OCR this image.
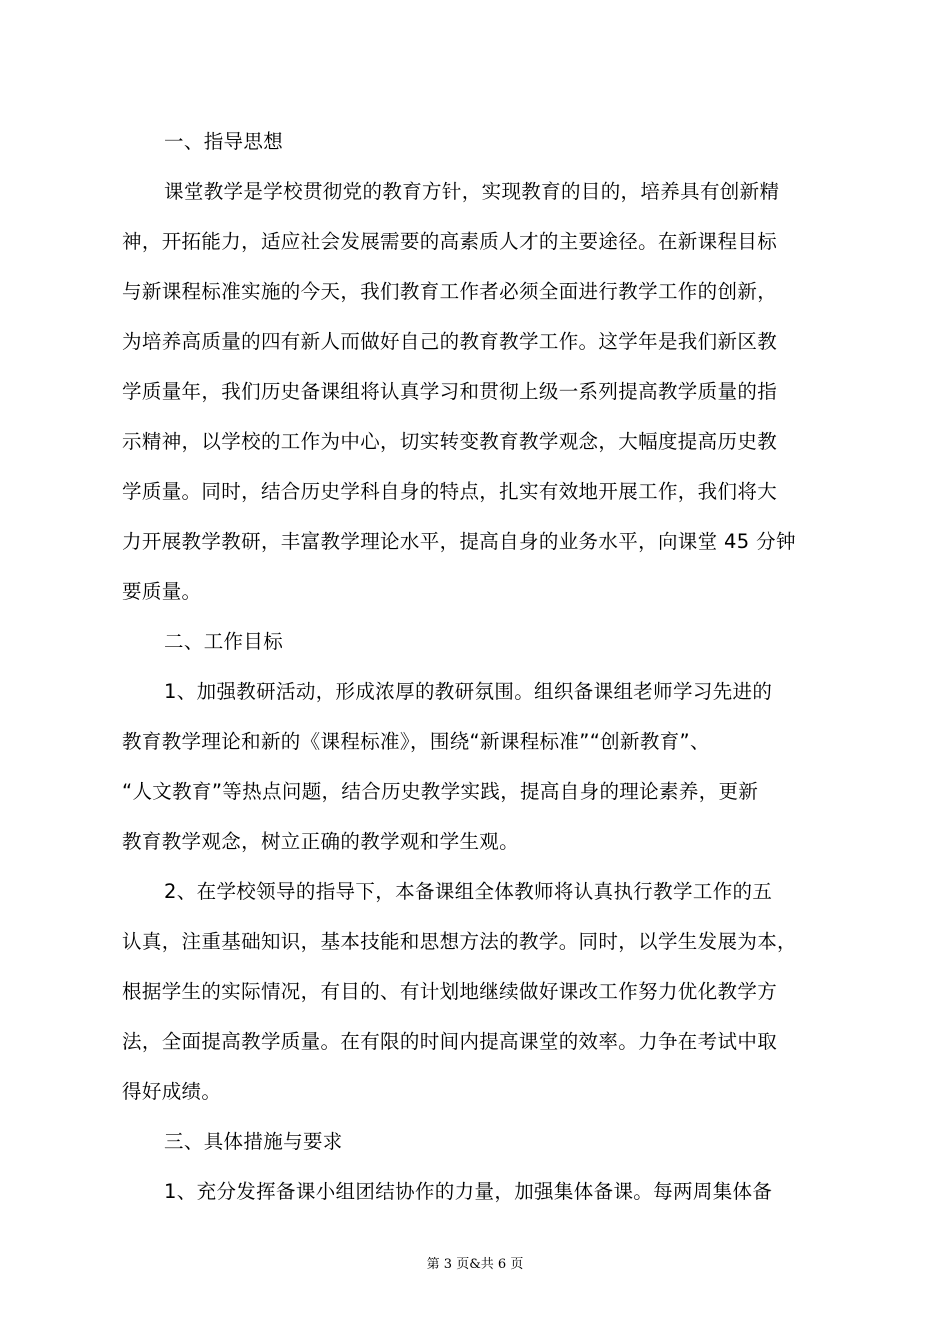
一、指导思想
课堂教学是学校贯彻党的教育方针，实现教育的目的，培养具有创新精
神，开拓能力，适应社会发展需要的高素质人才的主要途径。在新课程目标
与新课程标准实施的今天，我们教育工作者必须全面进行教学工作的创新，
为培养高质量的四有新人而做好自己的教育教学工作。这学年是我们新区教
学质量年，我们历史备课组将认真学习和贯彻上级一系列提高教学质量的指
示精神，以学校的工作为中心，切实转变教育教学观念，大幅度提高历史教
学质量。同时，结合历史学科自身的特点，扎实有效地开展工作，我们将大
力开展教学教研，丰富教学理论水平，提高自身的业务水平，向课堂 45 分钟
要质量。
二、工作目标
1、加强教研活动，形成浓厚的教研氛围。组织备课组老师学习先进的
教育教学理论和新的《课程标准》，围绕“新课程标准”“创新教育”、
“人文教育”等热点问题，结合历史教学实践，提高自身的理论素养，更新
教育教学观念，树立正确的教学观和学生观。
2、在学校领导的指导下，本备课组全体教师将认真执行教学工作的五
认真，注重基础知识，基本技能和思想方法的教学。同时，以学生发展为本，
根据学生的实际情况，有目的、有计划地继续做好课改工作努力优化教学方
法，全面提高教学质量。在有限的时间内提高课堂的效率。力争在考试中取
得好成绩。
三、具体措施与要求
1、充分发挥备课小组团结协作的力量，加强集体备课。每两周集体备
第 3 页&共 6 页
